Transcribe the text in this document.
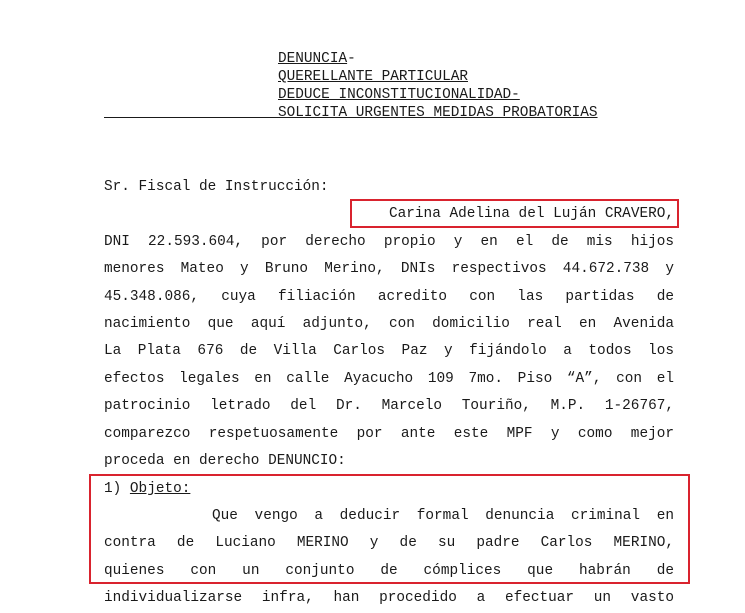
DENUNCIA-
QUERELLANTE PARTICULAR
DEDUCE INCONSTITUCIONALIDAD-
SOLICITA URGENTES MEDIDAS PROBATORIAS
Sr. Fiscal de Instrucción:
Carina Adelina del Luján CRAVERO,
DNI 22.593.604, por derecho propio y en el de mis hijos
menores Mateo y Bruno Merino, DNIs respectivos 44.672.738 y
45.348.086, cuya filiación acredito con las partidas de
nacimiento que aquí adjunto, con domicilio real en Avenida
La Plata 676 de Villa Carlos Paz y fijándolo a todos los
efectos legales en calle Ayacucho 109 7mo. Piso “A”, con el
patrocinio letrado del Dr. Marcelo Touriño, M.P. 1-26767,
comparezco respetuosamente por ante este MPF y como mejor
proceda en derecho DENUNCIO:
1) Objeto:
Que vengo a deducir formal denuncia criminal en
contra de Luciano MERINO y de su padre Carlos MERINO,
quienes con un conjunto de cómplices que habrán de
individualizarse infra, han procedido a efectuar un vasto
